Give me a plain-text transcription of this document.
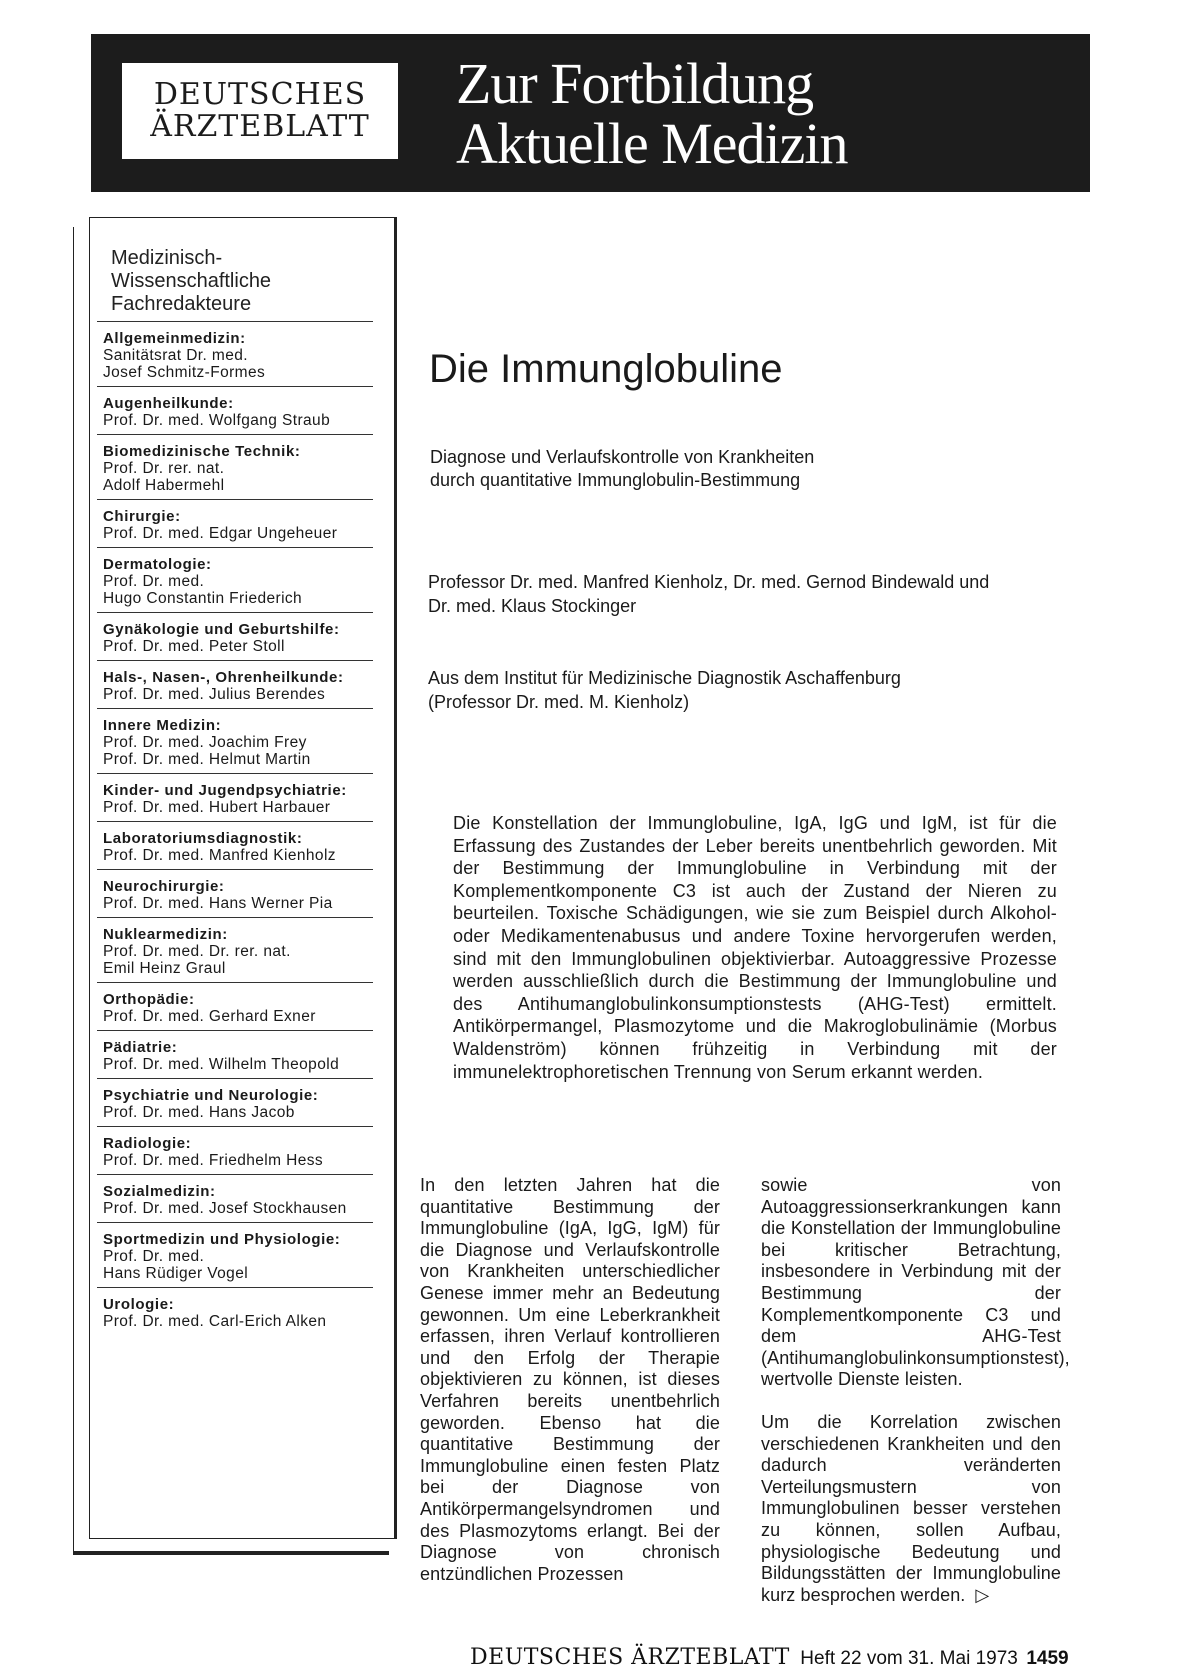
DEUTSCHES
ÄRZTEBLATT
Zur Fortbildung
Aktuelle Medizin
Medizinisch-
Wissenschaftliche
Fachredakteure
Allgemeinmedizin:
Sanitätsrat Dr. med.
Josef Schmitz-Formes
Augenheilkunde:
Prof. Dr. med. Wolfgang Straub
Biomedizinische Technik:
Prof. Dr. rer. nat.
Adolf Habermehl
Chirurgie:
Prof. Dr. med. Edgar Ungeheuer
Dermatologie:
Prof. Dr. med.
Hugo Constantin Friederich
Gynäkologie und Geburtshilfe:
Prof. Dr. med. Peter Stoll
Hals-, Nasen-, Ohrenheilkunde:
Prof. Dr. med. Julius Berendes
Innere Medizin:
Prof. Dr. med. Joachim Frey
Prof. Dr. med. Helmut Martin
Kinder- und Jugendpsychiatrie:
Prof. Dr. med. Hubert Harbauer
Laboratoriumsdiagnostik:
Prof. Dr. med. Manfred Kienholz
Neurochirurgie:
Prof. Dr. med. Hans Werner Pia
Nuklearmedizin:
Prof. Dr. med. Dr. rer. nat.
Emil Heinz Graul
Orthopädie:
Prof. Dr. med. Gerhard Exner
Pädiatrie:
Prof. Dr. med. Wilhelm Theopold
Psychiatrie und Neurologie:
Prof. Dr. med. Hans Jacob
Radiologie:
Prof. Dr. med. Friedhelm Hess
Sozialmedizin:
Prof. Dr. med. Josef Stockhausen
Sportmedizin und Physiologie:
Prof. Dr. med.
Hans Rüdiger Vogel
Urologie:
Prof. Dr. med. Carl-Erich Alken
Die Immunglobuline
Diagnose und Verlaufskontrolle von Krankheiten
durch quantitative Immunglobulin-Bestimmung
Professor Dr. med. Manfred Kienholz, Dr. med. Gernod Bindewald und
Dr. med. Klaus Stockinger
Aus dem Institut für Medizinische Diagnostik Aschaffenburg
(Professor Dr. med. M. Kienholz)
Die Konstellation der Immunglobuline, IgA, IgG und IgM, ist für die Erfassung des Zustandes der Leber bereits unentbehrlich geworden. Mit der Bestimmung der Immunglobuline in Verbindung mit der Komplementkomponente C3 ist auch der Zustand der Nieren zu beurteilen. Toxische Schädigungen, wie sie zum Beispiel durch Alkohol- oder Medikamentenabusus und andere Toxine hervorgerufen werden, sind mit den Immunglobulinen objektivierbar. Autoaggressive Prozesse werden ausschließlich durch die Bestimmung der Immunglobuline und des Antihumanglobulinkonsumptionstests (AHG-Test) ermittelt. Antikörpermangel, Plasmozytome und die Makroglobulinämie (Morbus Waldenström) können frühzeitig in Verbindung mit der immunelektrophoretischen Trennung von Serum erkannt werden.

In den letzten Jahren hat die quantitative Bestimmung der Immunglobuline (IgA, IgG, IgM) für die Diagnose und Verlaufskontrolle von Krankheiten unterschiedlicher Genese immer mehr an Bedeutung gewonnen. Um eine Leberkrankheit erfassen, ihren Verlauf kontrollieren und den Erfolg der Therapie objektivieren zu können, ist dieses Verfahren bereits unentbehrlich geworden. Ebenso hat die quantitative Bestimmung der Immunglobuline einen festen Platz bei der Diagnose von Antikörpermangelsyndromen und des Plasmozytoms erlangt. Bei der Diagnose von chronisch entzündlichen Prozessen

sowie von Autoaggressionserkrankungen kann die Konstellation der Immunglobuline bei kritischer Betrachtung, insbesondere in Verbindung mit der Bestimmung der Komplementkomponente C3 und dem AHG-Test (Antihumanglobulinkonsumptionstest), wertvolle Dienste leisten.

Um die Korrelation zwischen verschiedenen Krankheiten und den dadurch veränderten Verteilungsmustern von Immunglobulinen besser verstehen zu können, sollen Aufbau, physiologische Bedeutung und Bildungsstätten der Immunglobuline kurz besprochen werden. ▷

DEUTSCHES ÄRZTEBLATT Heft 22 vom 31. Mai 1973 1459
